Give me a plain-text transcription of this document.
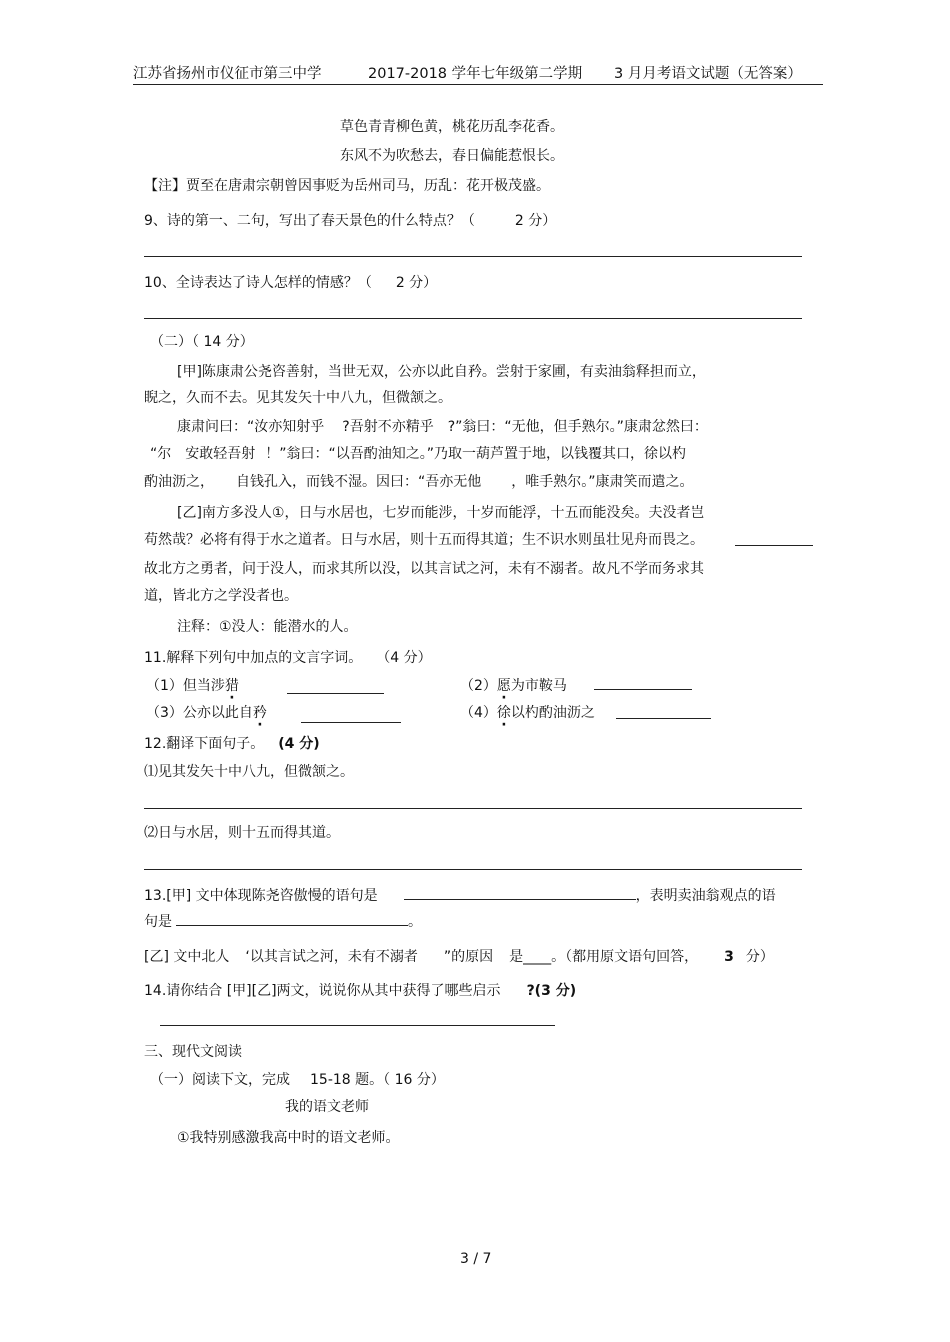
江苏省扬州市仪征市第三中学	2017-2018 学年七年级第二学期 3 月月考语文试题（无答案）
草色青青柳色黄，桃花历乱李花香。
东风不为吹愁去，春日偏能惹恨长。
【注】贾至在唐肃宗朝曾因事贬为岳州司马，历乱：花开极茂盛。
9、诗的第一、二句，写出了春天景色的什么特点？（	2 分）
10、全诗表达了诗人怎样的情感？（ 2 分）
（二）（ 14 分）
[甲]陈康肃公尧咨善射，当世无双，公亦以此自矜。尝射于家圃，有卖油翁释担而立，
睨之，久而不去。见其发矢十中八九，但微颔之。
康肃问曰：“汝亦知射乎 ?吾射不亦精乎 ?”翁曰：“无他，但手熟尔。”康肃忿然曰：
“尔 安敢轻吾射 ！”翁曰：“以吾酌油知之。”乃取一葫芦置于地，以钱覆其口，徐以杓
酌油沥之， 自钱孔入，而钱不湿。因曰：“吾亦无他 ，唯手熟尔。”康肃笑而遣之。
[乙]南方多没人①，日与水居也，七岁而能涉，十岁而能浮，十五而能没矣。夫没者岂
苟然哉？必将有得于水之道者。日与水居，则十五而得其道；生不识水则虽壮见舟而畏之。
故北方之勇者，问于没人，而求其所以没，以其言试之河，未有不溺者。故凡不学而务求其
道，皆北方之学没者也。
注释：①没人：能潜水的人。
11.解释下列句中加点的文言字词。 （4 分）
（1）但当涉猎	（2）愿为市鞍马
（3）公亦以此自矜	（4）徐以杓酌油沥之
12.翻译下面句子。 (4 分)
⑴见其发矢十中八九，但微颔之。
⑵日与水居，则十五而得其道。
13.[甲] 文中体现陈尧咨傲慢的语句是	，表明卖油翁观点的语
句是	。
[乙] 文中北人 ‘以其言试之河，未有不溺者 ”的原因 是____。（都用原文语句回答， 3 分）
14.请你结合 [甲][乙]两文，说说你从其中获得了哪些启示 ?(3 分)
三、现代文阅读
（一）阅读下文，完成 15-18 题。（ 16 分）
我的语文老师
①我特别感激我高中时的语文老师。
3 / 7
